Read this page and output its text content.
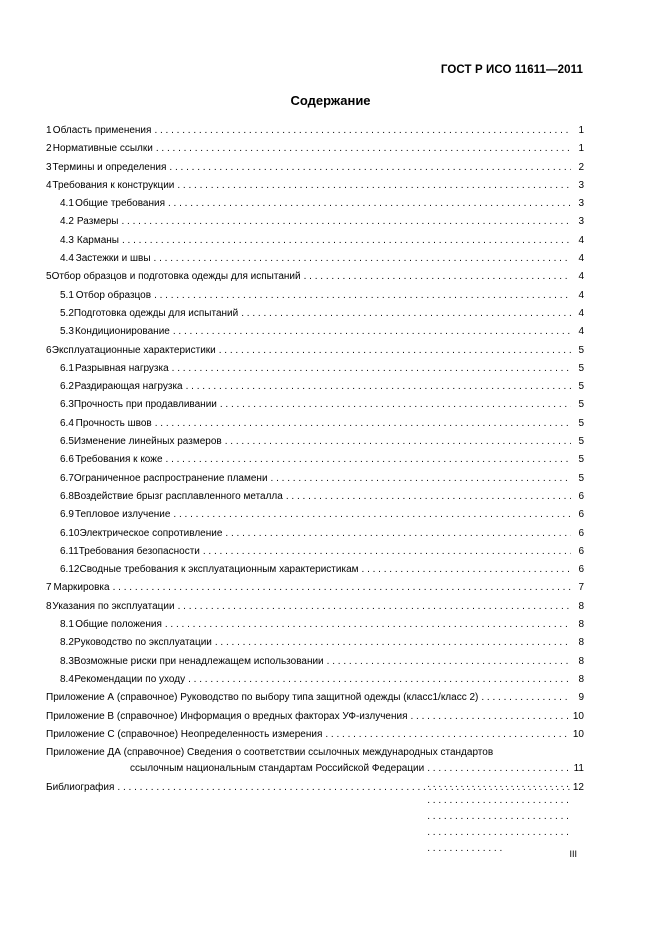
ГОСТ Р ИСО 11611—2011
Содержание
1 Область применения . . .	1
2 Нормативные ссылки . . .	1
3 Термины и определения . . .	2
4 Требования к конструкции . . .	3
4.1 Общие требования . . .	3
4.2 Размеры . . .	3
4.3 Карманы . . .	4
4.4 Застежки и швы . . .	4
5 Отбор образцов и подготовка одежды для испытаний . . .	4
5.1 Отбор образцов . . .	4
5.2 Подготовка одежды для испытаний . . .	4
5.3 Кондиционирование . . .	4
6 Эксплуатационные характеристики . . .	5
6.1 Разрывная нагрузка . . .	5
6.2 Раздирающая нагрузка . . .	5
6.3 Прочность при продавливании . . .	5
6.4 Прочность швов . . .	5
6.5 Изменение линейных размеров . . .	5
6.6 Требования к коже . . .	5
6.7 Ограниченное распространение пламени . . .	5
6.8 Воздействие брызг расплавленного металла . . .	6
6.9 Тепловое излучение . . .	6
6.10 Электрическое сопротивление . . .	6
6.11 Требования безопасности . . .	6
6.12 Сводные требования к эксплуатационным характеристикам . . .	6
7 Маркировка . . .	7
8 Указания по эксплуатации . . .	8
8.1 Общие положения . . .	8
8.2 Руководство по эксплуатации . . .	8
8.3 Возможные риски при ненадлежащем использовании . . .	8
8.4 Рекомендации по уходу . . .	8
Приложение А (справочное) Руководство по выбору типа защитной одежды (класс1/класс 2) . . .	9
Приложение В (справочное) Информация о вредных факторах УФ-излучения . . .	10
Приложение С (справочное) Неопределенность измерения . . .	10
Приложение ДА (справочное) Сведения о соответствии ссылочных международных стандартов
ссылочным национальным стандартам Российской Федерации . . .	11
Библиография . . .	12
III
